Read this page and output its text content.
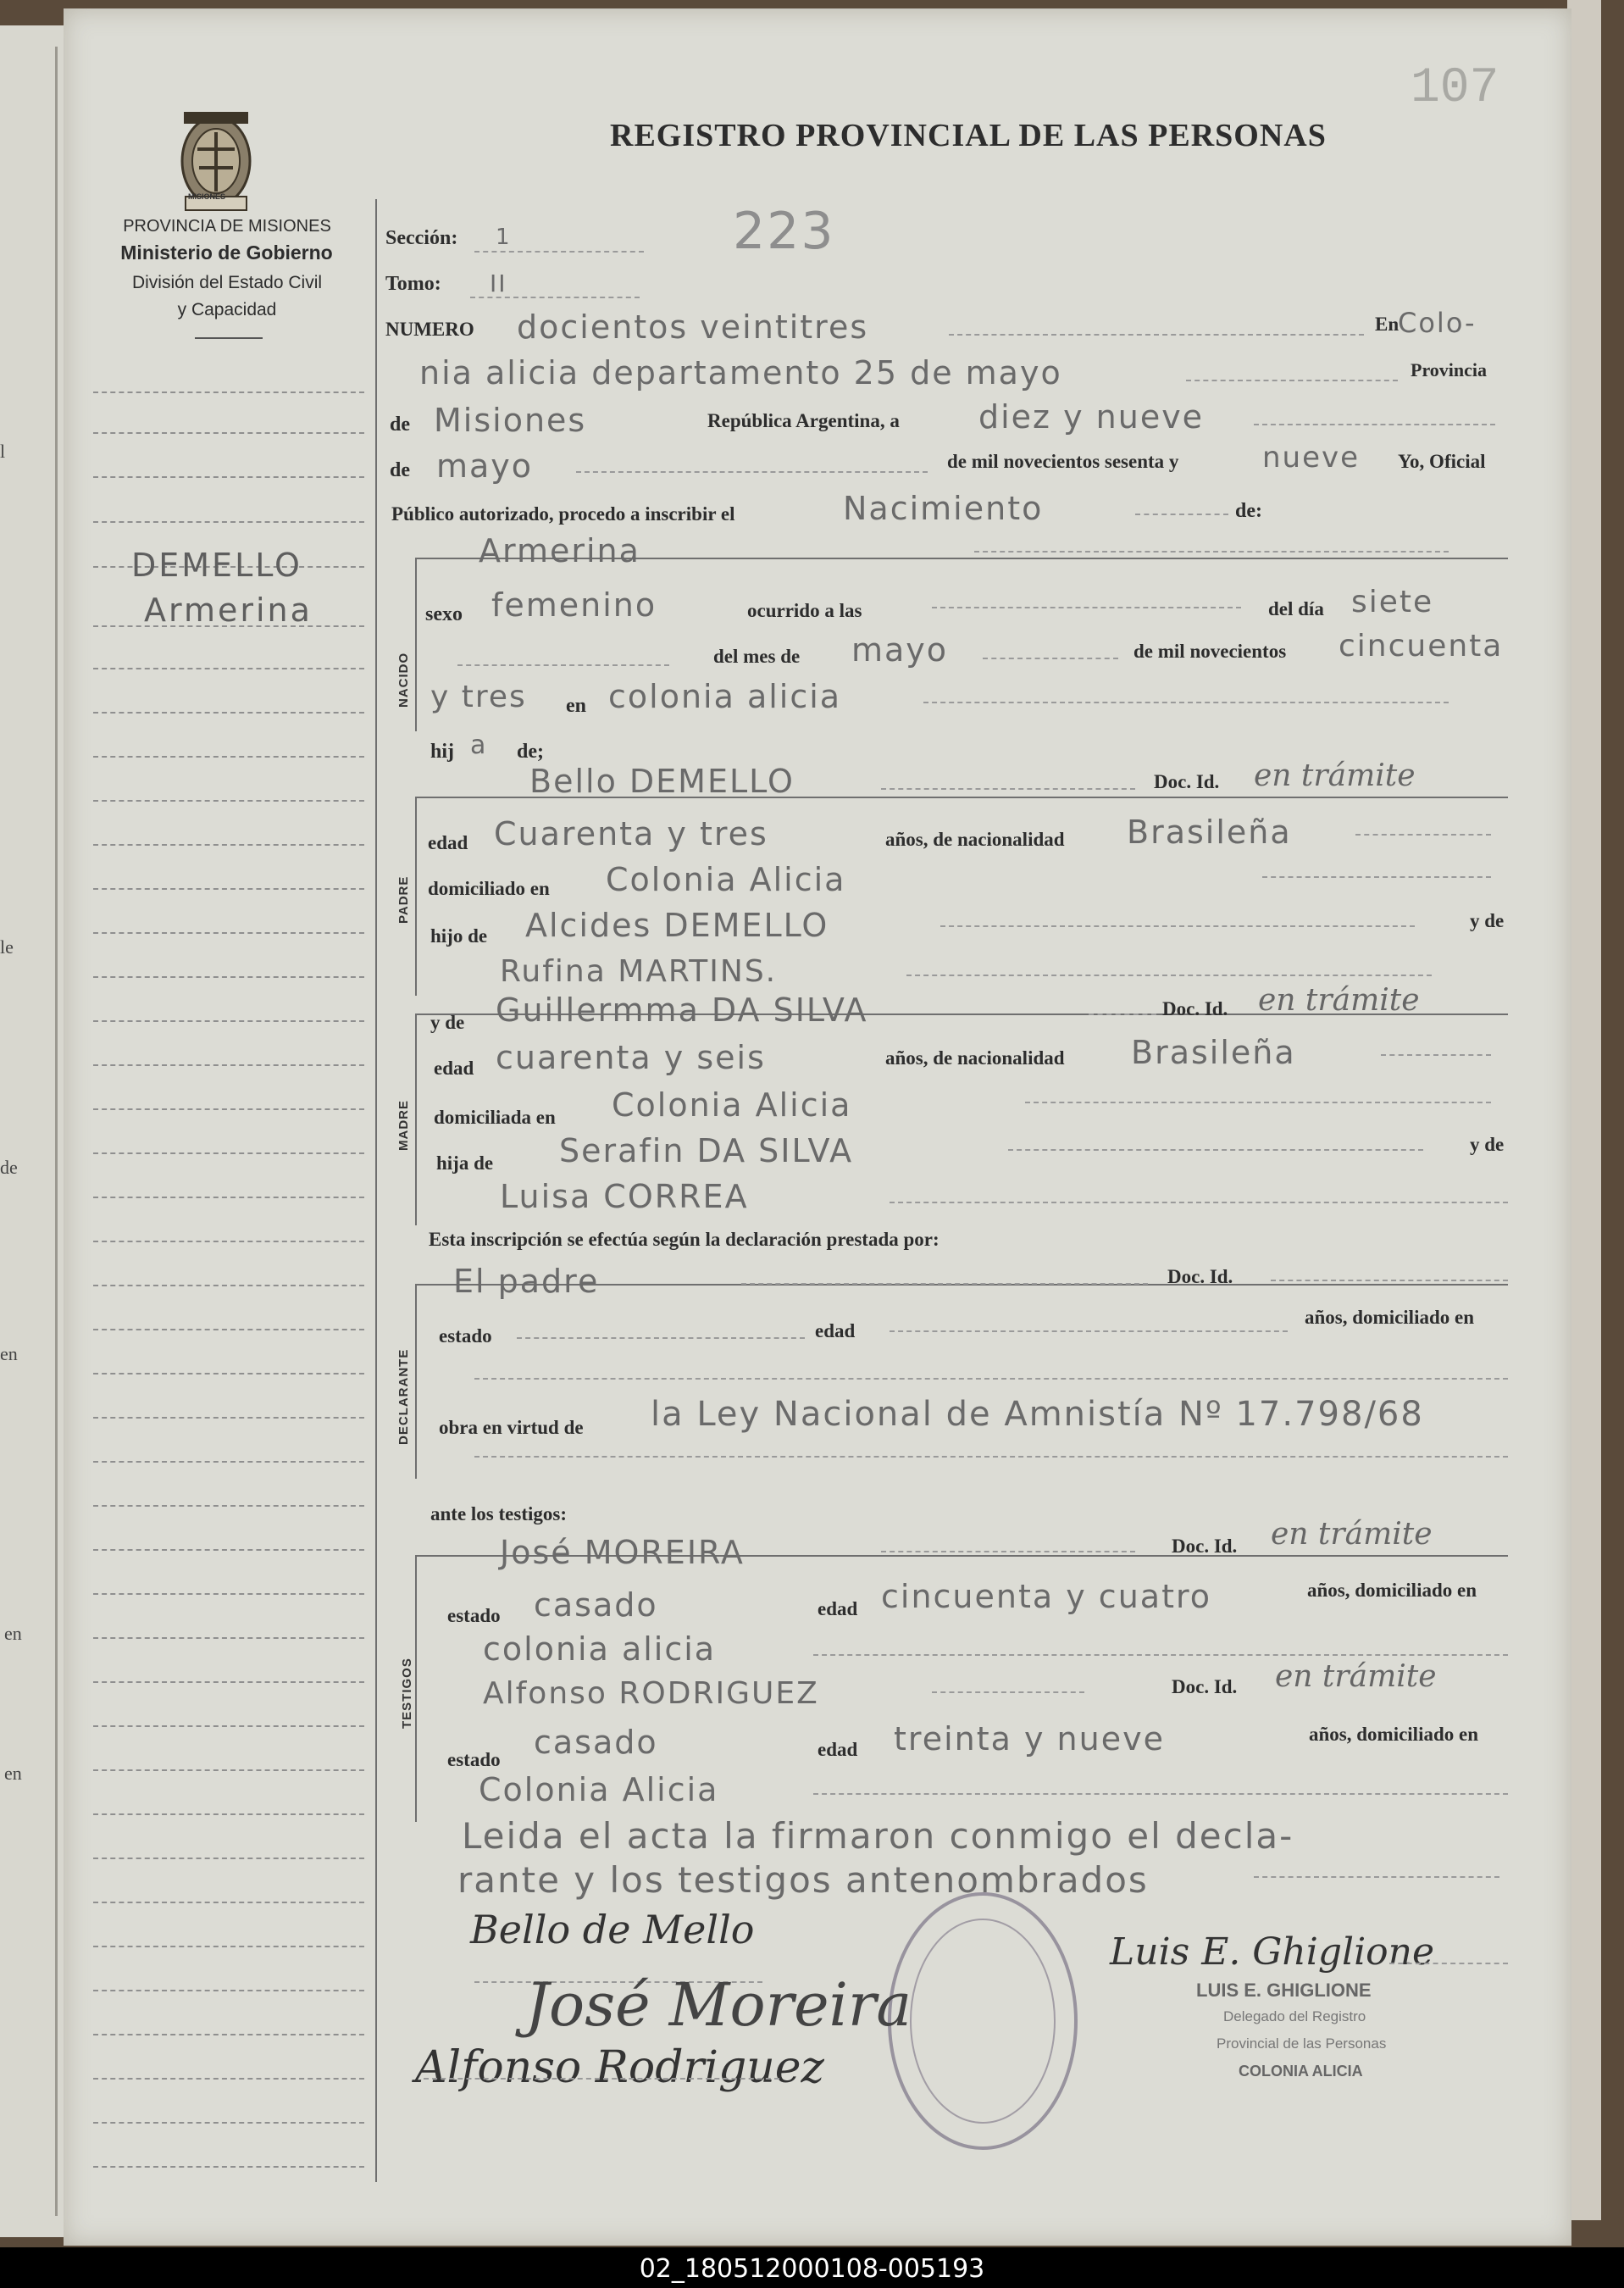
l
le
de
en
en
en
107
MISIONES
REGISTRO PROVINCIAL DE LAS PERSONAS
PROVINCIA DE MISIONES
Ministerio de Gobierno
División del Estado Civil
y Capacidad
DEMELLO
Armerina
Sección: 1	223
Tomo: II
NUMERO docientos veintitres	En
Colo-
nia alicia departamento 25 de mayo	Provincia
de Misiones	República Argentina, a diez y nueve
de mayo	de mil novecientos sesenta y	nueve Yo, Oficial
Público autorizado, procedo a inscribir el	Nacimiento	de:
NACIDO
Armerina
sexo femenino	ocurrido a las	del día siete
del mes de mayo	de mil novecientos cincuenta
y tres en colonia alicia
hij a de;
PADRE
Bello DEMELLO	Doc. Id. en trámite
edad Cuarenta y tres	años, de nacionalidad Brasileña
domiciliado en Colonia Alicia
hijo de Alcides DEMELLO	y de
Rufina MARTINS.
MADRE
y de Guillermma DA SILVA	Doc. Id. en trámite
edad cuarenta y seis	años, de nacionalidad Brasileña
domiciliada en Colonia Alicia
hija de Serafin DA SILVA	y de
Luisa CORREA
Esta inscripción se efectúa según la declaración prestada por:
DECLARANTE
El padre	Doc. Id.
estado	edad
años, domiciliado en
obra en virtud de la Ley Nacional de Amnistía Nº 17.798/68
ante los testigos:
TESTIGOS
José MOREIRA	Doc. Id. en trámite
estado casado	edad cincuenta y cuatro	años, domiciliado en
colonia alicia
Alfonso RODRIGUEZ	Doc. Id. en trámite
estado casado	edad treinta y nueve	años, domiciliado en
Colonia Alicia
Leida el acta la firmaron conmigo el decla-
rante y los testigos antenombrados
Bello de Mello	Luis E. Ghiglione
LUIS E. GHIGLIONE
Delegado del Registro
Provincial de las Personas
COLONIA ALICIA
José Moreira
Alfonso Rodriguez
02_180512000108-005193
